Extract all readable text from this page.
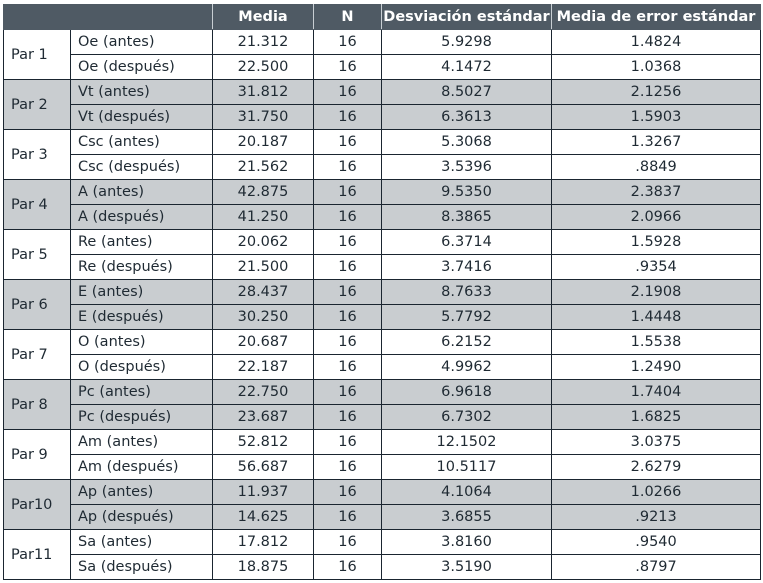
		Media	N	Desviación estándar	Media de error estándar
Par 1	Oe (antes)	21.312	16	5.9298	1.4824
	Oe (después)	22.500	16	4.1472	1.0368
Par 2	Vt (antes)	31.812	16	8.5027	2.1256
	Vt (después)	31.750	16	6.3613	1.5903
Par 3	Csc (antes)	20.187	16	5.3068	1.3267
	Csc (después)	21.562	16	3.5396	.8849
Par 4	A (antes)	42.875	16	9.5350	2.3837
	A (después)	41.250	16	8.3865	2.0966
Par 5	Re (antes)	20.062	16	6.3714	1.5928
	Re (después)	21.500	16	3.7416	.9354
Par 6	E (antes)	28.437	16	8.7633	2.1908
	E (después)	30.250	16	5.7792	1.4448
Par 7	O (antes)	20.687	16	6.2152	1.5538
	O (después)	22.187	16	4.9962	1.2490
Par 8	Pc (antes)	22.750	16	6.9618	1.7404
	Pc (después)	23.687	16	6.7302	1.6825
Par 9	Am (antes)	52.812	16	12.1502	3.0375
	Am (después)	56.687	16	10.5117	2.6279
Par10	Ap (antes)	11.937	16	4.1064	1.0266
	Ap (después)	14.625	16	3.6855	.9213
Par11	Sa (antes)	17.812	16	3.8160	.9540
	Sa (después)	18.875	16	3.5190	.8797
